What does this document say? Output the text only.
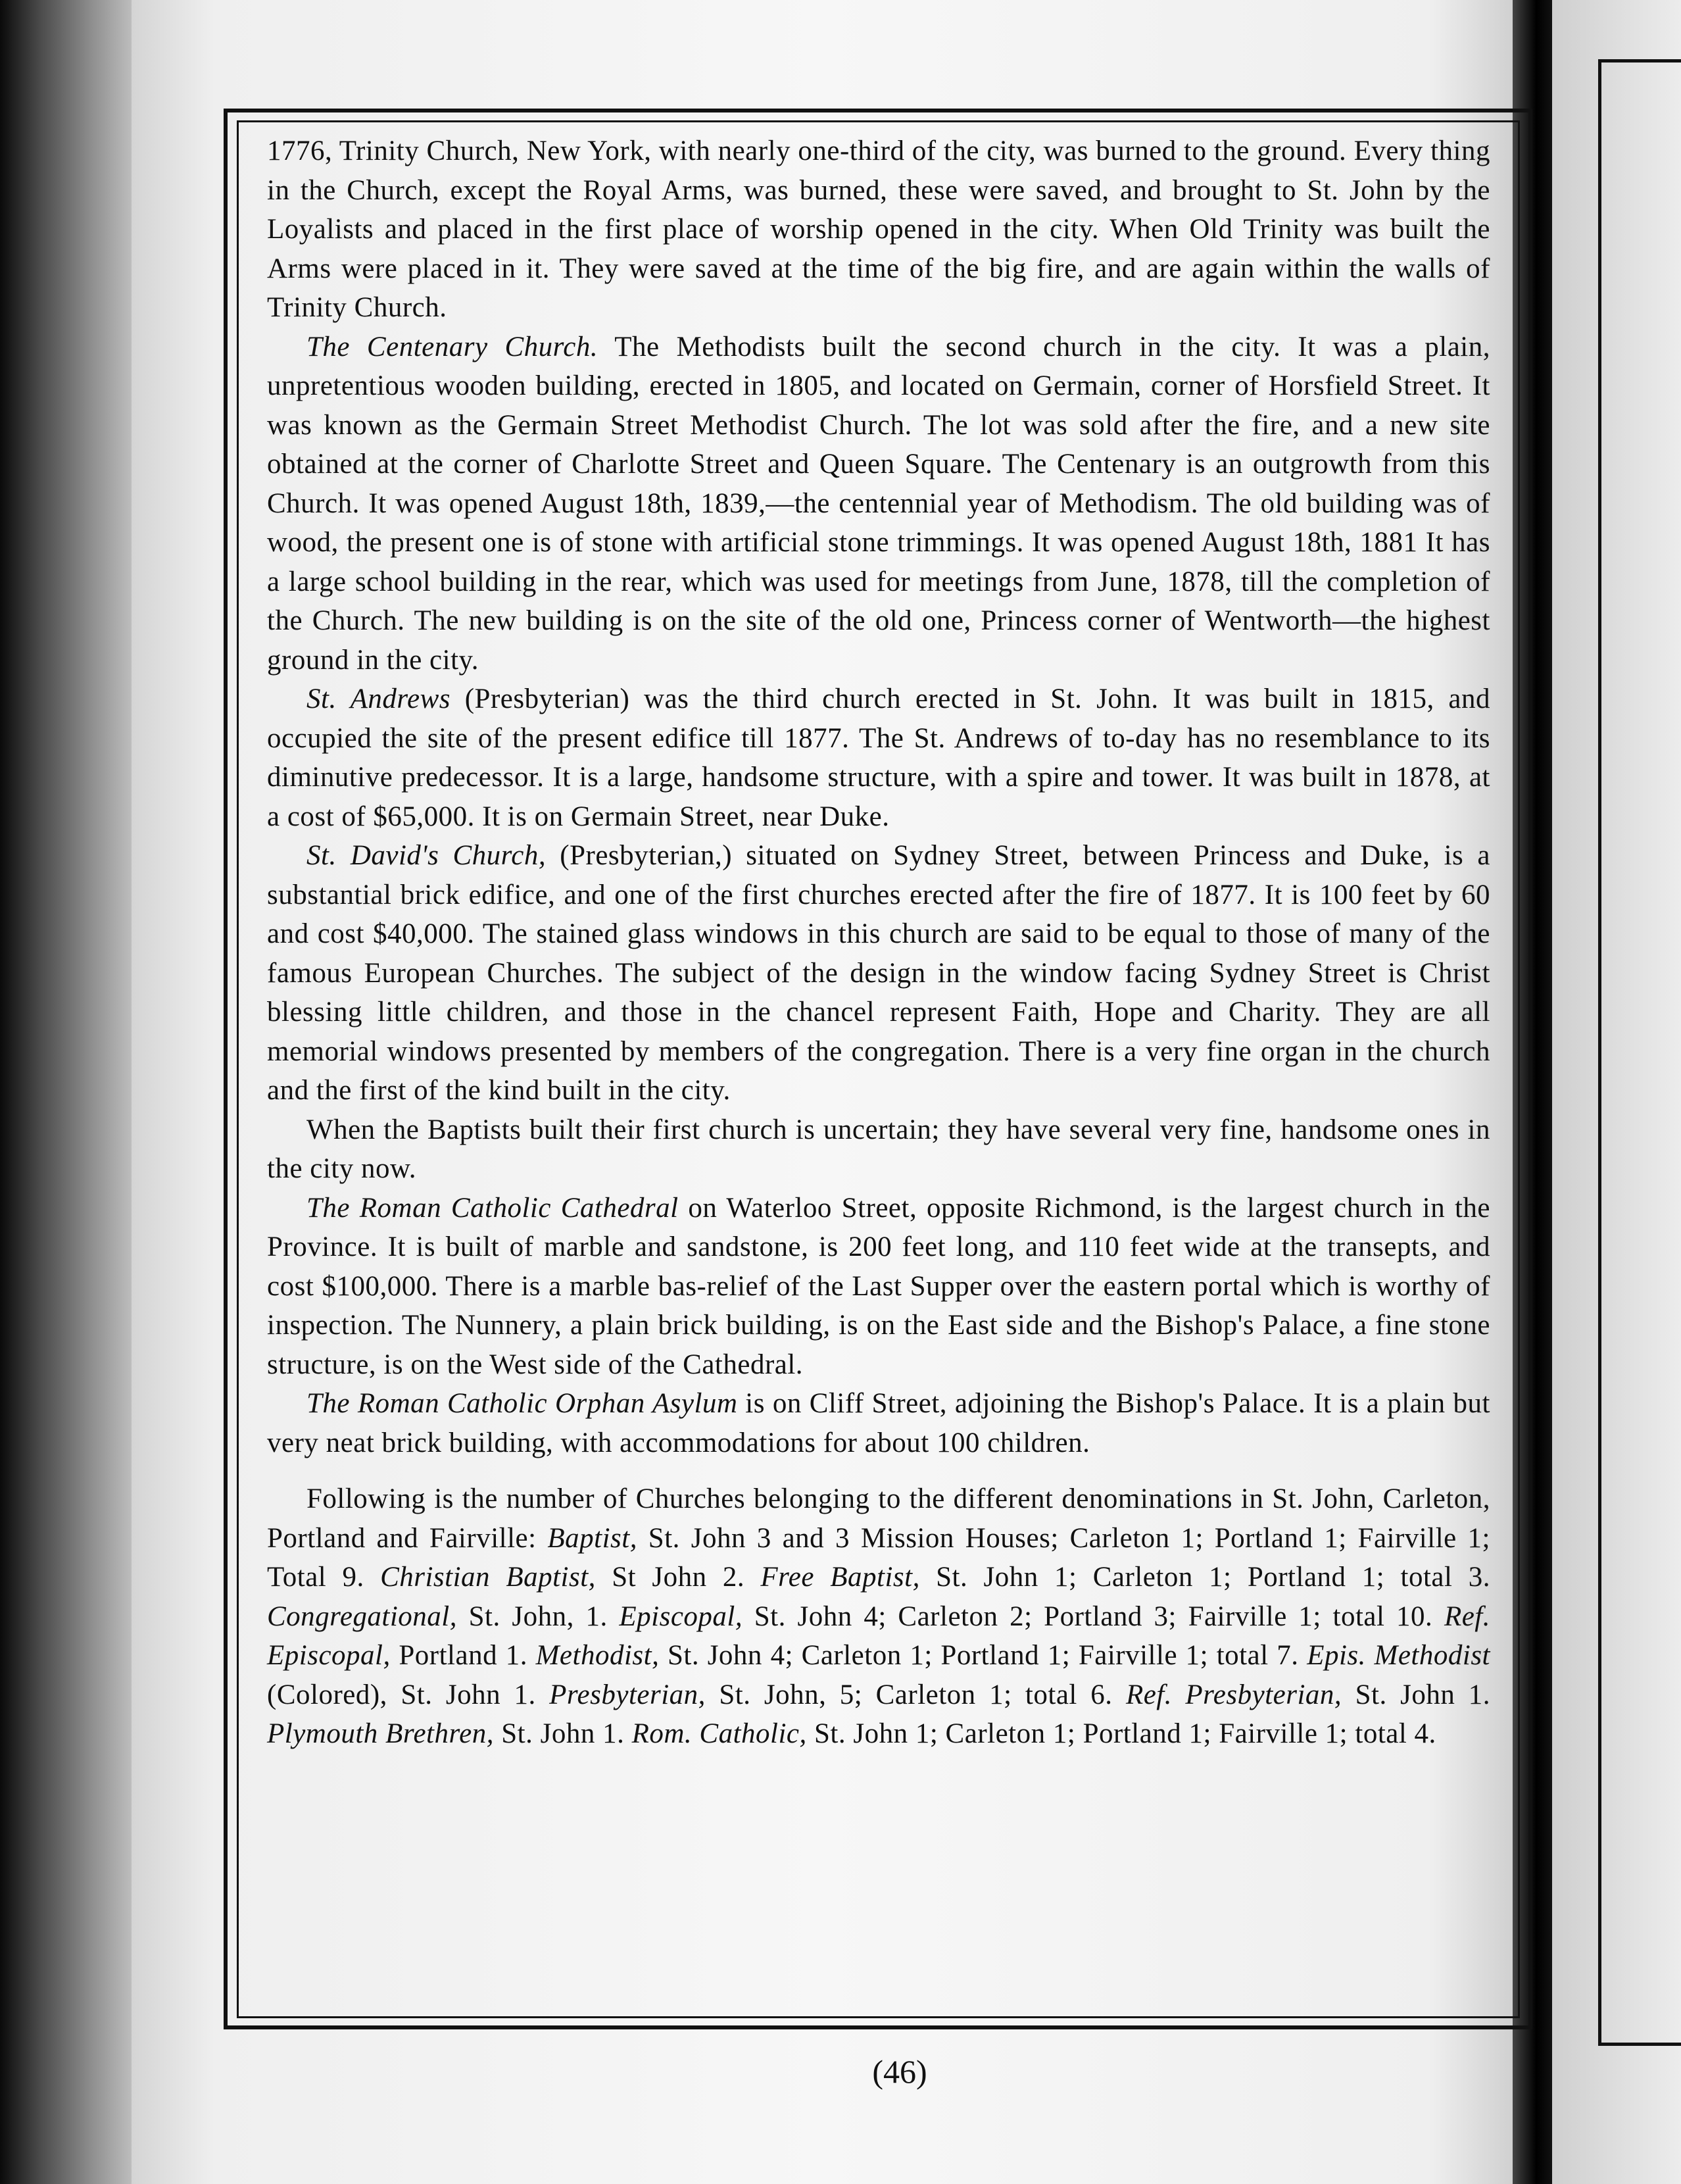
1776, Trinity Church, New York, with nearly one-third of the city, was burned to the ground. Every thing in the Church, except the Royal Arms, was burned, these were saved, and brought to St. John by the Loyalists and placed in the first place of worship opened in the city. When Old Trinity was built the Arms were placed in it. They were saved at the time of the big fire, and are again within the walls of Trinity Church.

The Centenary Church. The Methodists built the second church in the city. It was a plain, unpretentious wooden building, erected in 1805, and located on Germain, corner of Horsfield Street. It was known as the Germain Street Methodist Church. The lot was sold after the fire, and a new site obtained at the corner of Charlotte Street and Queen Square. The Centenary is an outgrowth from this Church. It was opened August 18th, 1839,—the centennial year of Methodism. The old building was of wood, the present one is of stone with artificial stone trimmings. It was opened August 18th, 1881 It has a large school building in the rear, which was used for meetings from June, 1878, till the completion of the Church. The new building is on the site of the old one, Princess corner of Wentworth—the highest ground in the city.

St. Andrews (Presbyterian) was the third church erected in St. John. It was built in 1815, and occupied the site of the present edifice till 1877. The St. Andrews of to-day has no resemblance to its diminutive predecessor. It is a large, handsome structure, with a spire and tower. It was built in 1878, at a cost of $65,000. It is on Germain Street, near Duke.

St. David's Church, (Presbyterian,) situated on Sydney Street, between Princess and Duke, is a substantial brick edifice, and one of the first churches erected after the fire of 1877. It is 100 feet by 60 and cost $40,000. The stained glass windows in this church are said to be equal to those of many of the famous European Churches. The subject of the design in the window facing Sydney Street is Christ blessing little children, and those in the chancel represent Faith, Hope and Charity. They are all memorial windows presented by members of the congregation. There is a very fine organ in the church and the first of the kind built in the city.

When the Baptists built their first church is uncertain; they have several very fine, handsome ones in the city now.

The Roman Catholic Cathedral on Waterloo Street, opposite Richmond, is the largest church in the Province. It is built of marble and sandstone, is 200 feet long, and 110 feet wide at the transepts, and cost $100,000. There is a marble bas-relief of the Last Supper over the eastern portal which is worthy of inspection. The Nunnery, a plain brick building, is on the East side and the Bishop's Palace, a fine stone structure, is on the West side of the Cathedral.

The Roman Catholic Orphan Asylum is on Cliff Street, adjoining the Bishop's Palace. It is a plain but very neat brick building, with accommodations for about 100 children.

Following is the number of Churches belonging to the different denominations in St. John, Carleton, Portland and Fairville: Baptist, St. John 3 and 3 Mission Houses; Carleton 1; Portland 1; Fairville 1; Total 9. Christian Baptist, St John 2. Free Baptist, St. John 1; Carleton 1; Portland 1; total 3. Congregational, St. John, 1. Episcopal, St. John 4; Carleton 2; Portland 3; Fairville 1; total 10. Ref. Episcopal, Portland 1. Methodist, St. John 4; Carleton 1; Portland 1; Fairville 1; total 7. Epis. Methodist (Colored), St. John 1. Presbyterian, St. John, 5; Carleton 1; total 6. Ref. Presbyterian, St. John 1. Plymouth Brethren, St. John 1. Rom. Catholic, St. John 1; Carleton 1; Portland 1; Fairville 1; total 4.

(46)
